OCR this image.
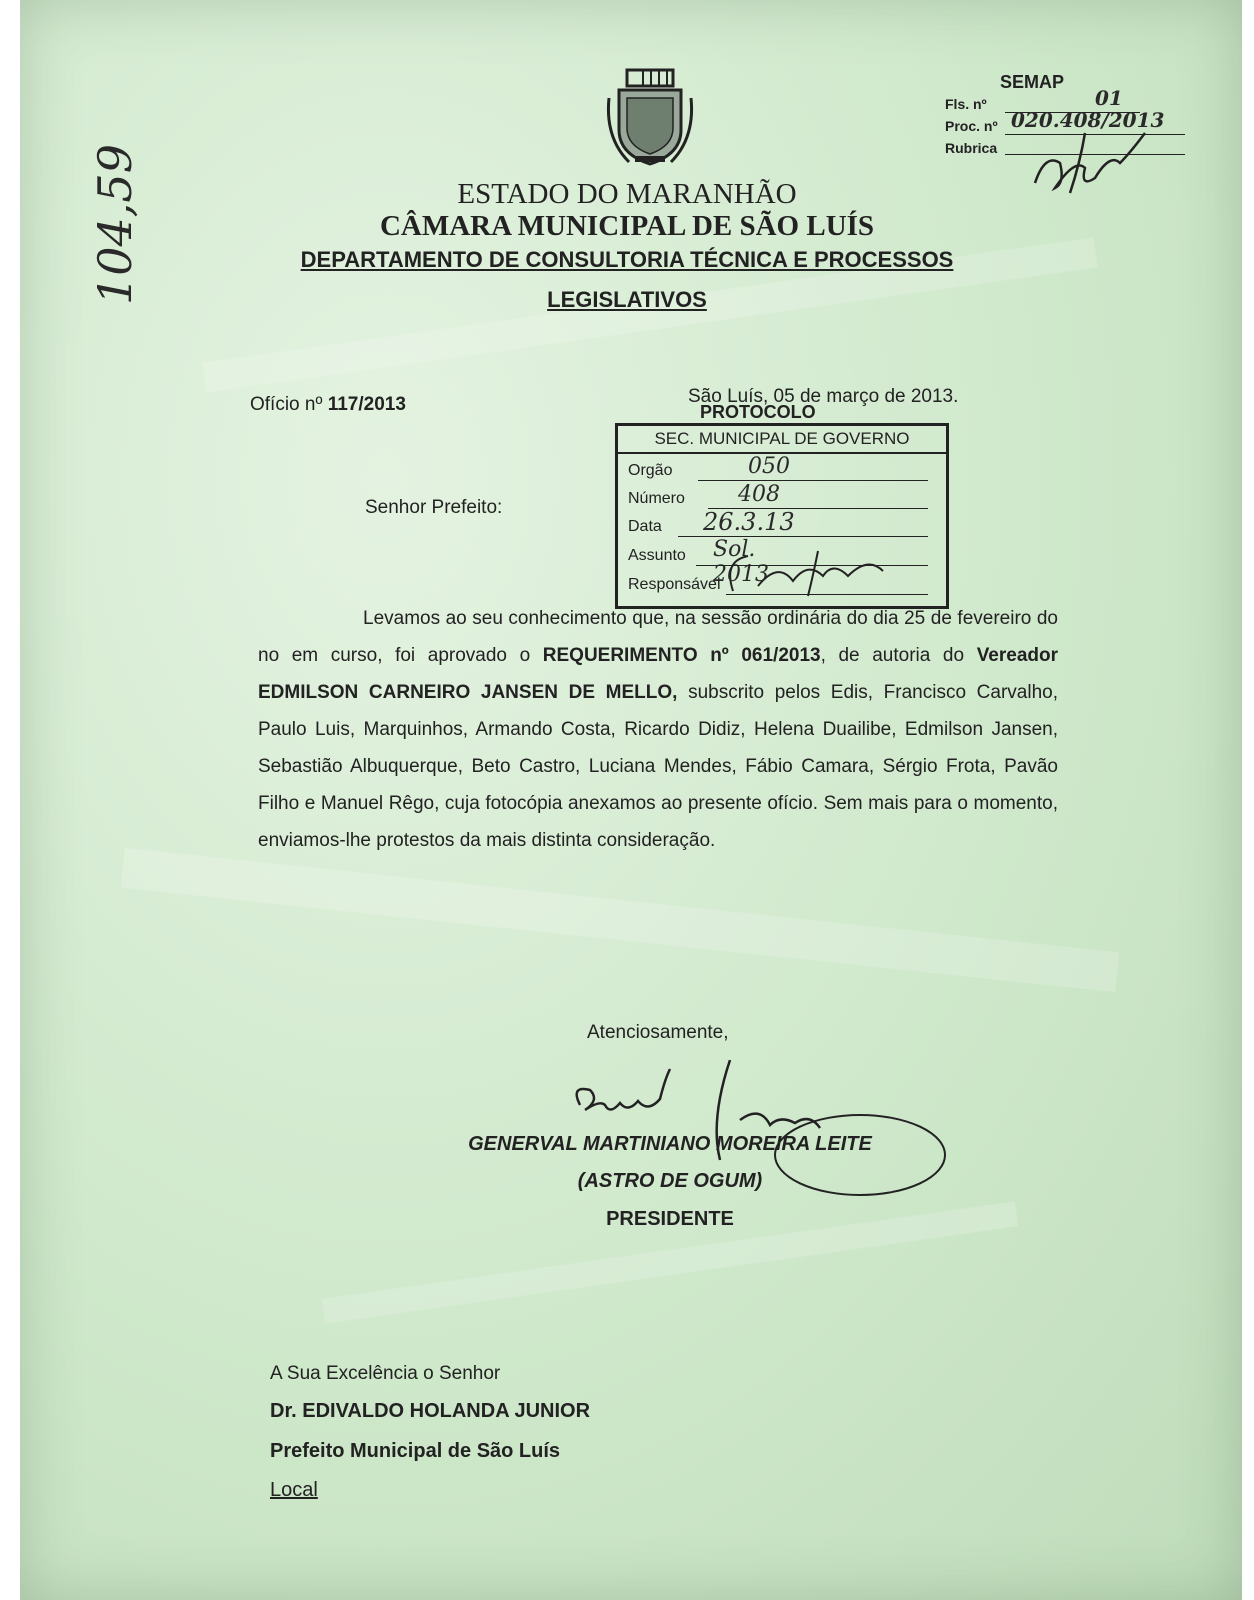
104,59	ESTADO DO MARANHÃO
CÂMARA MUNICIPAL DE SÃO LUÍS
DEPARTAMENTO DE CONSULTORIA TÉCNICA E PROCESSOS
LEGISLATIVOS
SEMAP
Fls. nº	01
Proc. nº 020.408/2013
Rubrica
Ofício nº 117/2013	São Luís, 05 de março de 2013.
PROTOCOLO
SEC. MUNICIPAL DE GOVERNO
Orgão	050
Número 408
Data 26.3.13
Assunto Sol. 2013
Responsável
Senhor Prefeito:
Levamos ao seu conhecimento que, na sessão ordinária do dia 25 de fevereiro do no em curso, foi aprovado o REQUERIMENTO nº 061/2013, de autoria do Vereador EDMILSON CARNEIRO JANSEN DE MELLO, subscrito pelos Edis, Francisco Carvalho, Paulo Luis, Marquinhos, Armando Costa, Ricardo Didiz, Helena Duailibe, Edmilson Jansen, Sebastião Albuquerque, Beto Castro, Luciana Mendes, Fábio Camara, Sérgio Frota, Pavão Filho e Manuel Rêgo, cuja fotocópia anexamos ao presente ofício. Sem mais para o momento, enviamos-lhe protestos da mais distinta consideração.
Atenciosamente,
GENERVAL MARTINIANO MOREIRA LEITE
(ASTRO DE OGUM)
PRESIDENTE
A Sua Excelência o Senhor
Dr. EDIVALDO HOLANDA JUNIOR
Prefeito Municipal de São Luís
Local
